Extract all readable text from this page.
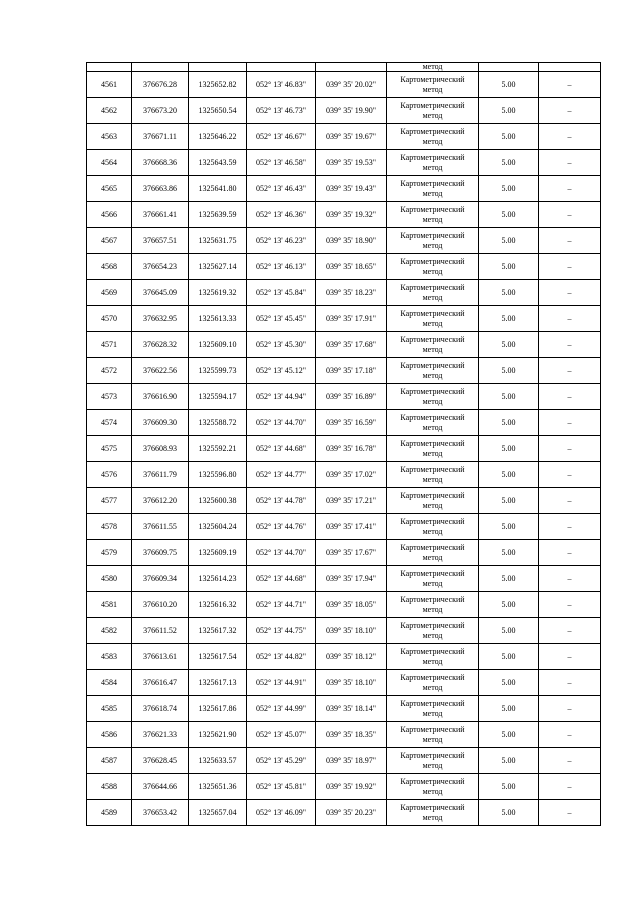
					метод		
4561	376676.28	1325652.82	052° 13' 46.83"	039° 35' 20.02"	Картометрический
метод	5.00	–
4562	376673.20	1325650.54	052° 13' 46.73"	039° 35' 19.90"	Картометрический
метод	5.00	–
4563	376671.11	1325646.22	052° 13' 46.67"	039° 35' 19.67"	Картометрический
метод	5.00	–
4564	376668.36	1325643.59	052° 13' 46.58"	039° 35' 19.53"	Картометрический
метод	5.00	–
4565	376663.86	1325641.80	052° 13' 46.43"	039° 35' 19.43"	Картометрический
метод	5.00	–
4566	376661.41	1325639.59	052° 13' 46.36"	039° 35' 19.32"	Картометрический
метод	5.00	–
4567	376657.51	1325631.75	052° 13' 46.23"	039° 35' 18.90"	Картометрический
метод	5.00	–
4568	376654.23	1325627.14	052° 13' 46.13"	039° 35' 18.65"	Картометрический
метод	5.00	–
4569	376645.09	1325619.32	052° 13' 45.84"	039° 35' 18.23"	Картометрический
метод	5.00	–
4570	376632.95	1325613.33	052° 13' 45.45"	039° 35' 17.91"	Картометрический
метод	5.00	–
4571	376628.32	1325609.10	052° 13' 45.30"	039° 35' 17.68"	Картометрический
метод	5.00	–
4572	376622.56	1325599.73	052° 13' 45.12"	039° 35' 17.18"	Картометрический
метод	5.00	–
4573	376616.90	1325594.17	052° 13' 44.94"	039° 35' 16.89"	Картометрический
метод	5.00	–
4574	376609.30	1325588.72	052° 13' 44.70"	039° 35' 16.59"	Картометрический
метод	5.00	–
4575	376608.93	1325592.21	052° 13' 44.68"	039° 35' 16.78"	Картометрический
метод	5.00	–
4576	376611.79	1325596.80	052° 13' 44.77"	039° 35' 17.02"	Картометрический
метод	5.00	–
4577	376612.20	1325600.38	052° 13' 44.78"	039° 35' 17.21"	Картометрический
метод	5.00	–
4578	376611.55	1325604.24	052° 13' 44.76"	039° 35' 17.41"	Картометрический
метод	5.00	–
4579	376609.75	1325609.19	052° 13' 44.70"	039° 35' 17.67"	Картометрический
метод	5.00	–
4580	376609.34	1325614.23	052° 13' 44.68"	039° 35' 17.94"	Картометрический
метод	5.00	–
4581	376610.20	1325616.32	052° 13' 44.71"	039° 35' 18.05"	Картометрический
метод	5.00	–
4582	376611.52	1325617.32	052° 13' 44.75"	039° 35' 18.10"	Картометрический
метод	5.00	–
4583	376613.61	1325617.54	052° 13' 44.82"	039° 35' 18.12"	Картометрический
метод	5.00	–
4584	376616.47	1325617.13	052° 13' 44.91"	039° 35' 18.10"	Картометрический
метод	5.00	–
4585	376618.74	1325617.86	052° 13' 44.99"	039° 35' 18.14"	Картометрический
метод	5.00	–
4586	376621.33	1325621.90	052° 13' 45.07"	039° 35' 18.35"	Картометрический
метод	5.00	–
4587	376628.45	1325633.57	052° 13' 45.29"	039° 35' 18.97"	Картометрический
метод	5.00	–
4588	376644.66	1325651.36	052° 13' 45.81"	039° 35' 19.92"	Картометрический
метод	5.00	–
4589	376653.42	1325657.04	052° 13' 46.09"	039° 35' 20.23"	Картометрический
метод	5.00	–
